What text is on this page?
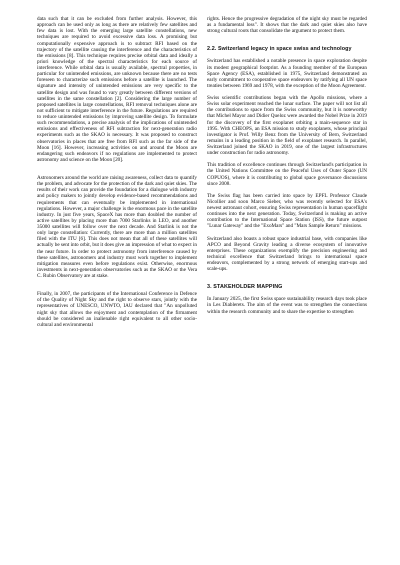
data such that it can be excluded from further analysis. However, this approach can be used only as long as there are relatively few satellites and few data is lost. With the emerging large satellite constellations, new techniques are required to avoid excessive data loss. A promising but computationally expensive approach is to subtract RFI based on the trajectory of the satellite causing the interference and the characteristics of the emissions [8]. This technique requires precise orbital data and ideally a priori knowledge of the spectral characteristics for each source of interference. While orbital data is usually available, spectral properties, in particular for unintended emissions, are unknown because there are no tests foreseen to characterize such emissions before a satellite is launched. The signature and intensity of unintended emissions are very specific to the satellite design and was found to vary greatly between different versions of satellites in the same constellation [2]. Considering the large number of proposed satellites in large constellations, RFI removal techniques alone are not sufficient to mitigate interference in the future. Regulations are required to reduce unintended emissions by improving satellite design. To formulate such recommendations, a precise analysis of the implications of unintended emissions and effectiveness of RFI subtraction for next-generation radio experiments such as the SKAO is necessary. It was proposed to construct observatories in places that are free from RFI such as the far side of the Moon [16]. However, increasing activities on and around the Moon are endangering such endeavors if no regulations are implemented to protect astronomy and science on the Moon [20].

Astronomers around the world are raising awareness, collect data to quantify the problem, and advocate for the protection of the dark and quiet skies. The results of their work can provide the foundation for a dialogue with industry and policy makers to jointly develop evidence-based recommendations and requirements that can eventually be implemented in international regulations. However, a major challenge is the enormous pace in the satellite industry. In just five years, SpaceX has more than doubled the number of active satellites by placing more than 7000 Starlinks in LEO, and another 35000 satellites will follow over the next decade. And Starlink is not the only large constellation: Currently, there are more than a million satellites filed with the ITU [6]. This does not mean that all of these satellites will actually be sent into orbit, but it does give an impression of what to expect in the near future. In order to protect astronomy from interference caused by these satellites, astronomers and industry must work together to implement mitigation measures even before regulations exist. Otherwise, enormous investments in next-generation observatories such as the SKAO or the Vera C. Rubin Observatory are at stake.

Finally, in 2007, the participants of the International Conference in Defence of the Quality of Night Sky and the right to observe stars, jointly with the representatives of UNESCO, UNWTO, IAU declared that "An unpolluted night sky that allows the enjoyment and contemplation of the firmament should be considered an inalienable right equivalent to all other socio-cultural and environmental

rights. Hence the progressive degradation of the night sky must be regarded as a fundamental loss". It shows that the dark and quiet skies also have strong cultural roots that consolidate the argument to protect them.

2.2. Switzerland legacy in space swiss and technology

Switzerland has established a notable presence in space exploration despite its modest geographical footprint. As a founding member of the European Space Agency (ESA), established in 1975, Switzerland demonstrated an early commitment to cooperative space endeavors by ratifying all UN space treaties between 1969 and 1978, with the exception of the Moon Agreement.

Swiss scientific contributions began with the Apollo missions, where a Swiss solar experiment reached the lunar surface. The paper will not list all the contributions to space from the Swiss community, but it is noteworthy that Michel Mayor and Didier Queloz were awarded the Nobel Prize in 2019 for the discovery of the first exoplanet orbiting a main-sequence star in 1995. With CHEOPS, an ESA mission to study exoplanets, whose principal investigator is Prof. Willy Benz from the University of Bern, Switzerland remains in a leading position in the field of exoplanet research. In parallel, Switzerland joined the SKAO in 2019, one of the largest infrastructures under construction for radio astronomy.

This tradition of excellence continues through Switzerland's participation in the United Nations Committee on the Peaceful Uses of Outer Space (UN COPUOS), where it is contributing to global space governance discussions since 2008.

The Swiss flag has been carried into space by EPFL Professor Claude Nicollier and soon Marco Sieber, who was recently selected for ESA's newest astronaut cohort, ensuring Swiss representation in human spaceflight continues into the next generation. Today, Switzerland is making an active contribution to the International Space Station (ISS), the future outpost "Lunar Gateway" and the "ExoMars" and "Mars Sample Return" missions.

Switzerland also boasts a robust space industrial base, with companies like APCO and Beyond Gravity leading a diverse ecosystem of innovative enterprises. These organizations exemplify the precision engineering and technical excellence that Switzerland brings to international space endeavors, complemented by a strong network of emerging start-ups and scale-ups.

3. STAKEHOLDER MAPPING

In January 2025, the first Swiss space sustainability research days took place in Les Diablerets. The aim of the event was to strengthen the connections within the research community and to share the expertise to strengthen
